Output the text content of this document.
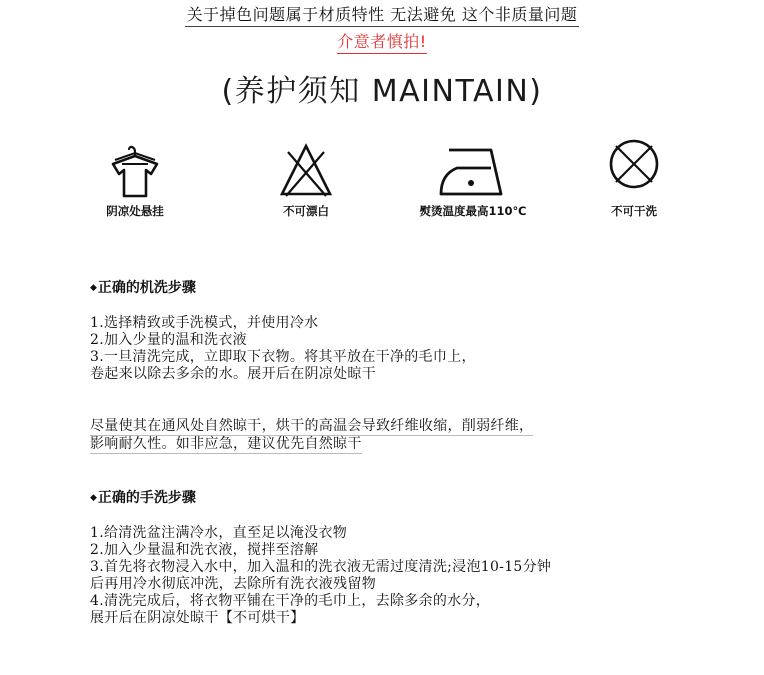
关于掉色问题属于材质特性 无法避免 这个非质量问题
介意者慎拍!
(养护须知 MAINTAIN)
阴凉处悬挂	不可漂白	熨烫温度最高110℃	不可干洗
◆正确的机洗步骤
1.选择精致或手洗模式，并使用冷水
2.加入少量的温和洗衣液
3.一旦清洗完成，立即取下衣物。将其平放在干净的毛巾上，
卷起来以除去多余的水。展开后在阴凉处晾干
尽量使其在通风处自然晾干，烘干的高温会导致纤维收缩，削弱纤维，
影响耐久性。如非应急，建议优先自然晾干
◆正确的手洗步骤
1.给清洗盆注满冷水，直至足以淹没衣物
2.加入少量温和洗衣液，搅拌至溶解
3.首先将衣物浸入水中，加入温和的洗衣液无需过度清洗;浸泡10-15分钟
后再用冷水彻底冲洗，去除所有洗衣液残留物
4.清洗完成后，将衣物平铺在干净的毛巾上，去除多余的水分，
展开后在阴凉处晾干【不可烘干】
